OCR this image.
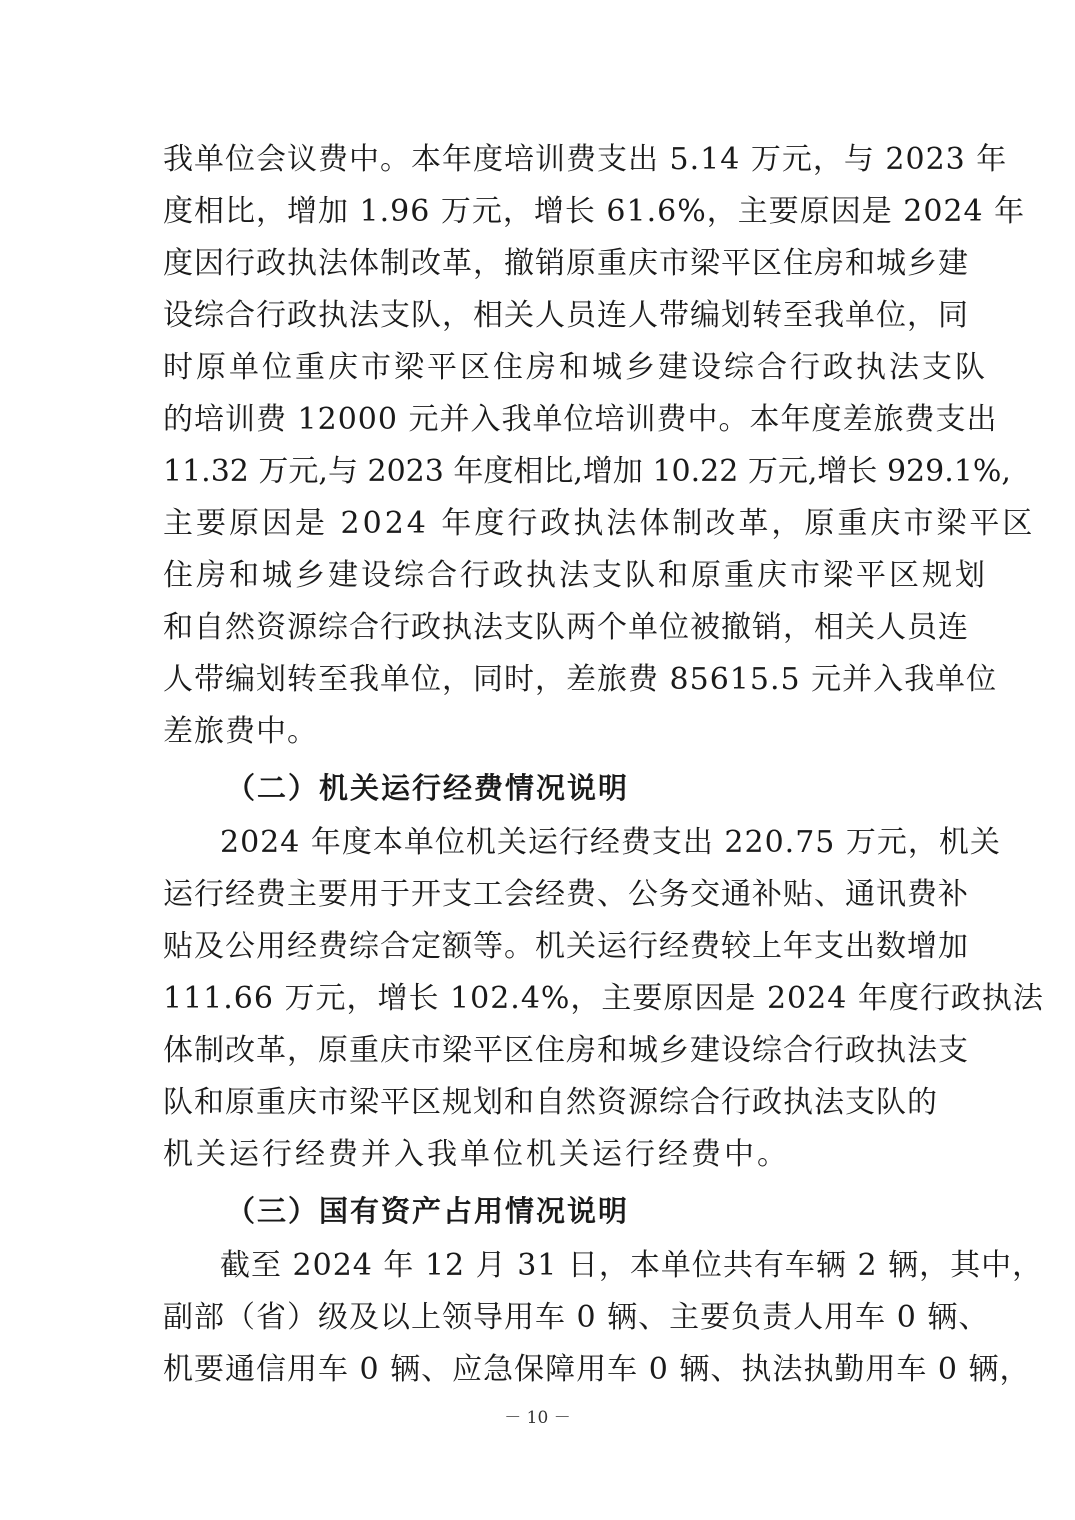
我单位会议费中。本年度培训费支出 5.14 万元，与 2023 年
度相比，增加 1.96 万元，增长 61.6%，主要原因是 2024 年
度因行政执法体制改革，撤销原重庆市梁平区住房和城乡建
设综合行政执法支队，相关人员连人带编划转至我单位，同
时原单位重庆市梁平区住房和城乡建设综合行政执法支队
的培训费 12000 元并入我单位培训费中。本年度差旅费支出
11.32 万元,与 2023 年度相比,增加 10.22 万元,增长 929.1%,
主要原因是 2024 年度行政执法体制改革，原重庆市梁平区
住房和城乡建设综合行政执法支队和原重庆市梁平区规划
和自然资源综合行政执法支队两个单位被撤销，相关人员连
人带编划转至我单位，同时，差旅费 85615.5 元并入我单位
差旅费中。
（二）机关运行经费情况说明
2024 年度本单位机关运行经费支出 220.75 万元，机关
运行经费主要用于开支工会经费、公务交通补贴、通讯费补
贴及公用经费综合定额等。机关运行经费较上年支出数增加
111.66 万元，增长 102.4%，主要原因是 2024 年度行政执法
体制改革，原重庆市梁平区住房和城乡建设综合行政执法支
队和原重庆市梁平区规划和自然资源综合行政执法支队的
机关运行经费并入我单位机关运行经费中。
（三）国有资产占用情况说明
截至 2024 年 12 月 31 日，本单位共有车辆 2 辆，其中，
副部（省）级及以上领导用车 0 辆、主要负责人用车 0 辆、
机要通信用车 0 辆、应急保障用车 0 辆、执法执勤用车 0 辆，
－ 10 －
